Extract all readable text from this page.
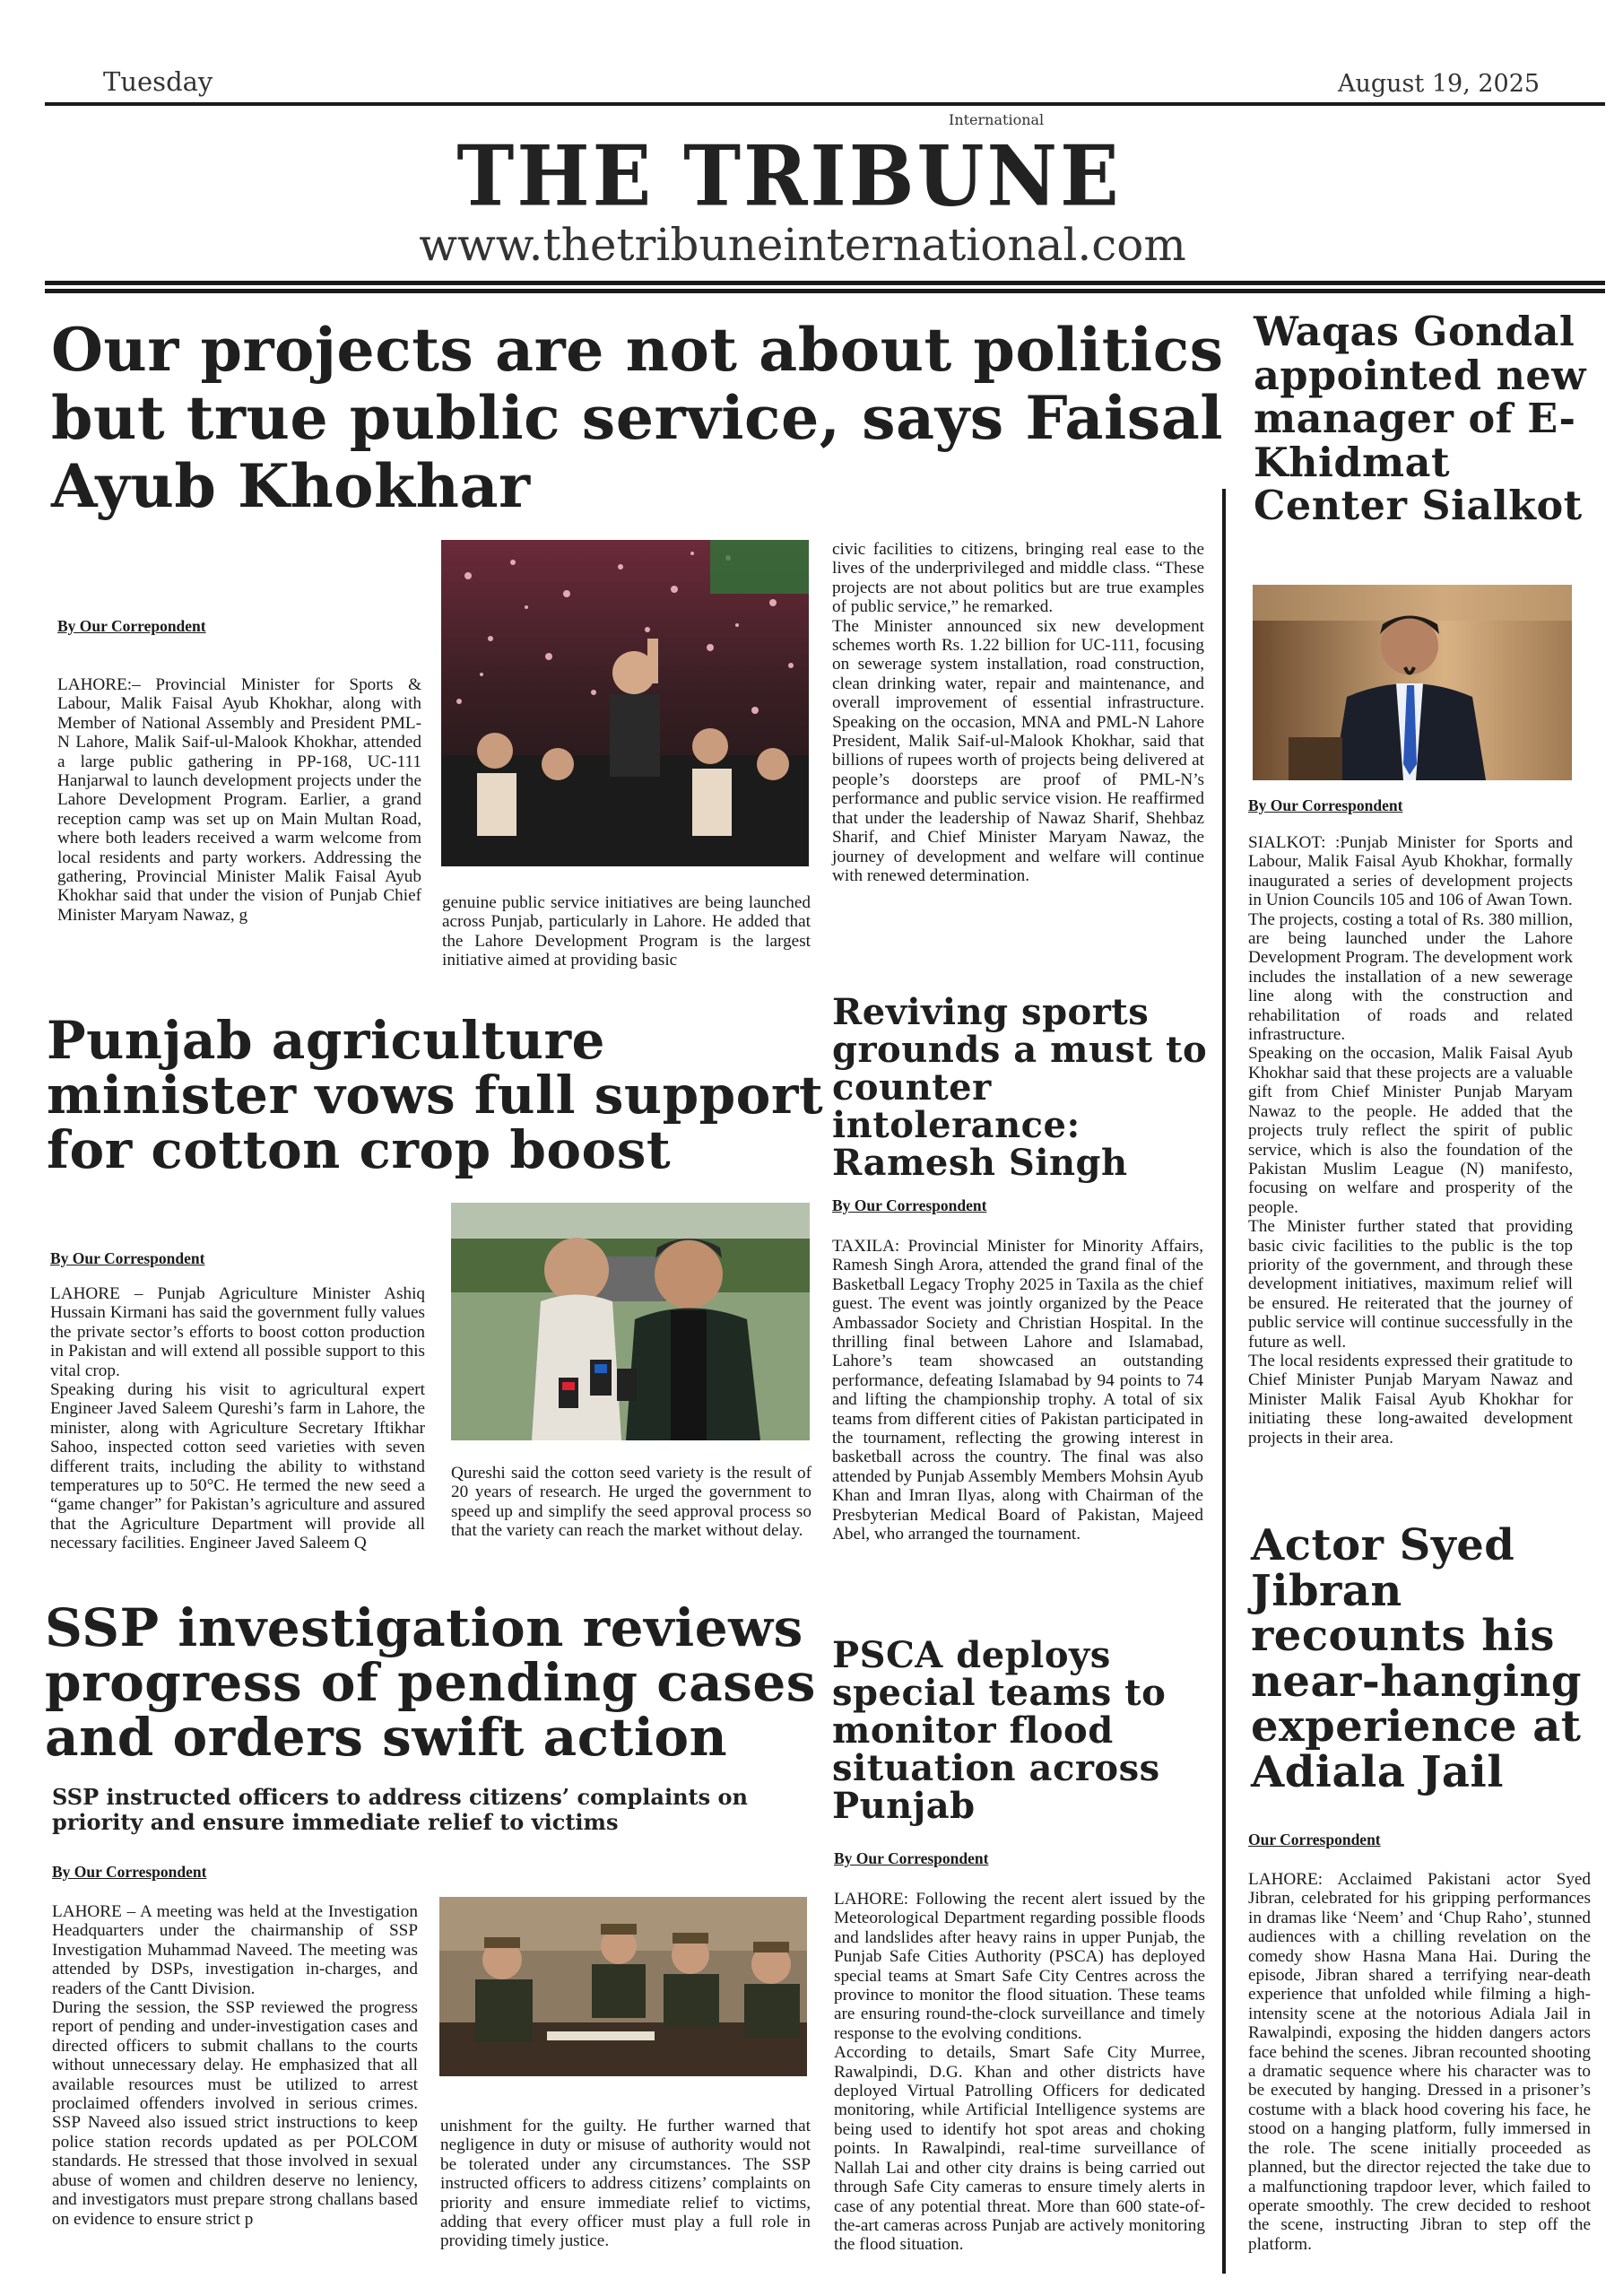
Tuesday	August 19, 2025
International
THE TRIBUNE
www.thetribuneinternational.com
Our projects are not about politics but true public service, says Faisal Ayub Khokhar
By Our Correpondent

LAHORE:– Provincial Minister for Sports & Labour, Malik Faisal Ayub Khokhar, along with Member of National Assembly and President PML-N Lahore, Malik Saif-ul-Malook Khokhar, attended a large public gathering in PP-168, UC-111 Hanjarwal to launch development projects under the Lahore Development Program. Earlier, a grand reception camp was set up on Main Multan Road, where both leaders received a warm welcome from local residents and party workers. Addressing the gathering, Provincial Minister Malik Faisal Ayub Khokhar said that under the vision of Punjab Chief Minister Maryam Nawaz, g

genuine public service initiatives are being launched across Punjab, particularly in Lahore. He added that the Lahore Development Program is the largest initiative aimed at providing basic

civic facilities to citizens, bringing real ease to the lives of the underprivileged and middle class. “These projects are not about politics but are true examples of public service,” he remarked.

The Minister announced six new development schemes worth Rs. 1.22 billion for UC-111, focusing on sewerage system installation, road construction, clean drinking water, repair and maintenance, and overall improvement of essential infrastructure. Speaking on the occasion, MNA and PML-N Lahore President, Malik Saif-ul-Malook Khokhar, said that billions of rupees worth of projects being delivered at people’s doorsteps are proof of PML-N’s performance and public service vision. He reaffirmed that under the leadership of Nawaz Sharif, Shehbaz Sharif, and Chief Minister Maryam Nawaz, the journey of development and welfare will continue with renewed determination.

Punjab agriculture minister vows full support for cotton crop boost
By Our Correspondent

LAHORE – Punjab Agriculture Minister Ashiq Hussain Kirmani has said the government fully values the private sector’s efforts to boost cotton production in Pakistan and will extend all possible support to this vital crop.

Speaking during his visit to agricultural expert Engineer Javed Saleem Qureshi’s farm in Lahore, the minister, along with Agriculture Secretary Iftikhar Sahoo, inspected cotton seed varieties with seven different traits, including the ability to withstand temperatures up to 50°C. He termed the new seed a “game changer” for Pakistan’s agriculture and assured that the Agriculture Department will provide all necessary facilities. Engineer Javed Saleem Q

Qureshi said the cotton seed variety is the result of 20 years of research. He urged the government to speed up and simplify the seed approval process so that the variety can reach the market without delay.

SSP investigation reviews progress of pending cases and orders swift action
SSP instructed officers to address citizens’ complaints on priority and ensure immediate relief to victims
By Our Correspondent

LAHORE – A meeting was held at the Investigation Headquarters under the chairmanship of SSP Investigation Muhammad Naveed. The meeting was attended by DSPs, investigation in-charges, and readers of the Cantt Division.

During the session, the SSP reviewed the progress report of pending and under-investigation cases and directed officers to submit challans to the courts without unnecessary delay. He emphasized that all available resources must be utilized to arrest proclaimed offenders involved in serious crimes. SSP Naveed also issued strict instructions to keep police station records updated as per POLCOM standards. He stressed that those involved in sexual abuse of women and children deserve no leniency, and investigators must prepare strong challans based on evidence to ensure strict p

unishment for the guilty. He further warned that negligence in duty or misuse of authority would not be tolerated under any circumstances. The SSP instructed officers to address citizens’ complaints on priority and ensure immediate relief to victims, adding that every officer must play a full role in providing timely justice.

Reviving sports grounds a must to counter intolerance: Ramesh Singh
By Our Correspondent

TAXILA: Provincial Minister for Minority Affairs, Ramesh Singh Arora, attended the grand final of the Basketball Legacy Trophy 2025 in Taxila as the chief guest. The event was jointly organized by the Peace Ambassador Society and Christian Hospital. In the thrilling final between Lahore and Islamabad, Lahore’s team showcased an outstanding performance, defeating Islamabad by 94 points to 74 and lifting the championship trophy. A total of six teams from different cities of Pakistan participated in the tournament, reflecting the growing interest in basketball across the country. The final was also attended by Punjab Assembly Members Mohsin Ayub Khan and Imran Ilyas, along with Chairman of the Presbyterian Medical Board of Pakistan, Majeed Abel, who arranged the tournament.

PSCA deploys special teams to monitor flood situation across Punjab
By Our Correspondent

LAHORE: Following the recent alert issued by the Meteorological Department regarding possible floods and landslides after heavy rains in upper Punjab, the Punjab Safe Cities Authority (PSCA) has deployed special teams at Smart Safe City Centres across the province to monitor the flood situation. These teams are ensuring round-the-clock surveillance and timely response to the evolving conditions.

According to details, Smart Safe City Murree, Rawalpindi, D.G. Khan and other districts have deployed Virtual Patrolling Officers for dedicated monitoring, while Artificial Intelligence systems are being used to identify hot spot areas and choking points. In Rawalpindi, real-time surveillance of Nallah Lai and other city drains is being carried out through Safe City cameras to ensure timely alerts in case of any potential threat. More than 600 state-of-the-art cameras across Punjab are actively monitoring the flood situation.

Waqas Gondal appointed new manager of E-Khidmat Center Sialkot
By Our Correspondent

SIALKOT: :Punjab Minister for Sports and Labour, Malik Faisal Ayub Khokhar, formally inaugurated a series of development projects in Union Councils 105 and 106 of Awan Town.

The projects, costing a total of Rs. 380 million, are being launched under the Lahore Development Program. The development work includes the installation of a new sewerage line along with the construction and rehabilitation of roads and related infrastructure.

Speaking on the occasion, Malik Faisal Ayub Khokhar said that these projects are a valuable gift from Chief Minister Punjab Maryam Nawaz to the people. He added that the projects truly reflect the spirit of public service, which is also the foundation of the Pakistan Muslim League (N) manifesto, focusing on welfare and prosperity of the people.

The Minister further stated that providing basic civic facilities to the public is the top priority of the government, and through these development initiatives, maximum relief will be ensured. He reiterated that the journey of public service will continue successfully in the future as well.

The local residents expressed their gratitude to Chief Minister Punjab Maryam Nawaz and Minister Malik Faisal Ayub Khokhar for initiating these long-awaited development projects in their area.

Actor Syed Jibran recounts his near-hanging experience at Adiala Jail
Our Correspondent

LAHORE: Acclaimed Pakistani actor Syed Jibran, celebrated for his gripping performances in dramas like ‘Neem’ and ‘Chup Raho’, stunned audiences with a chilling revelation on the comedy show Hasna Mana Hai. During the episode, Jibran shared a terrifying near-death experience that unfolded while filming a high-intensity scene at the notorious Adiala Jail in Rawalpindi, exposing the hidden dangers actors face behind the scenes. Jibran recounted shooting a dramatic sequence where his character was to be executed by hanging. Dressed in a prisoner’s costume with a black hood covering his face, he stood on a hanging platform, fully immersed in the role. The scene initially proceeded as planned, but the director rejected the take due to a malfunctioning trapdoor lever, which failed to operate smoothly. The crew decided to reshoot the scene, instructing Jibran to step off the platform.
